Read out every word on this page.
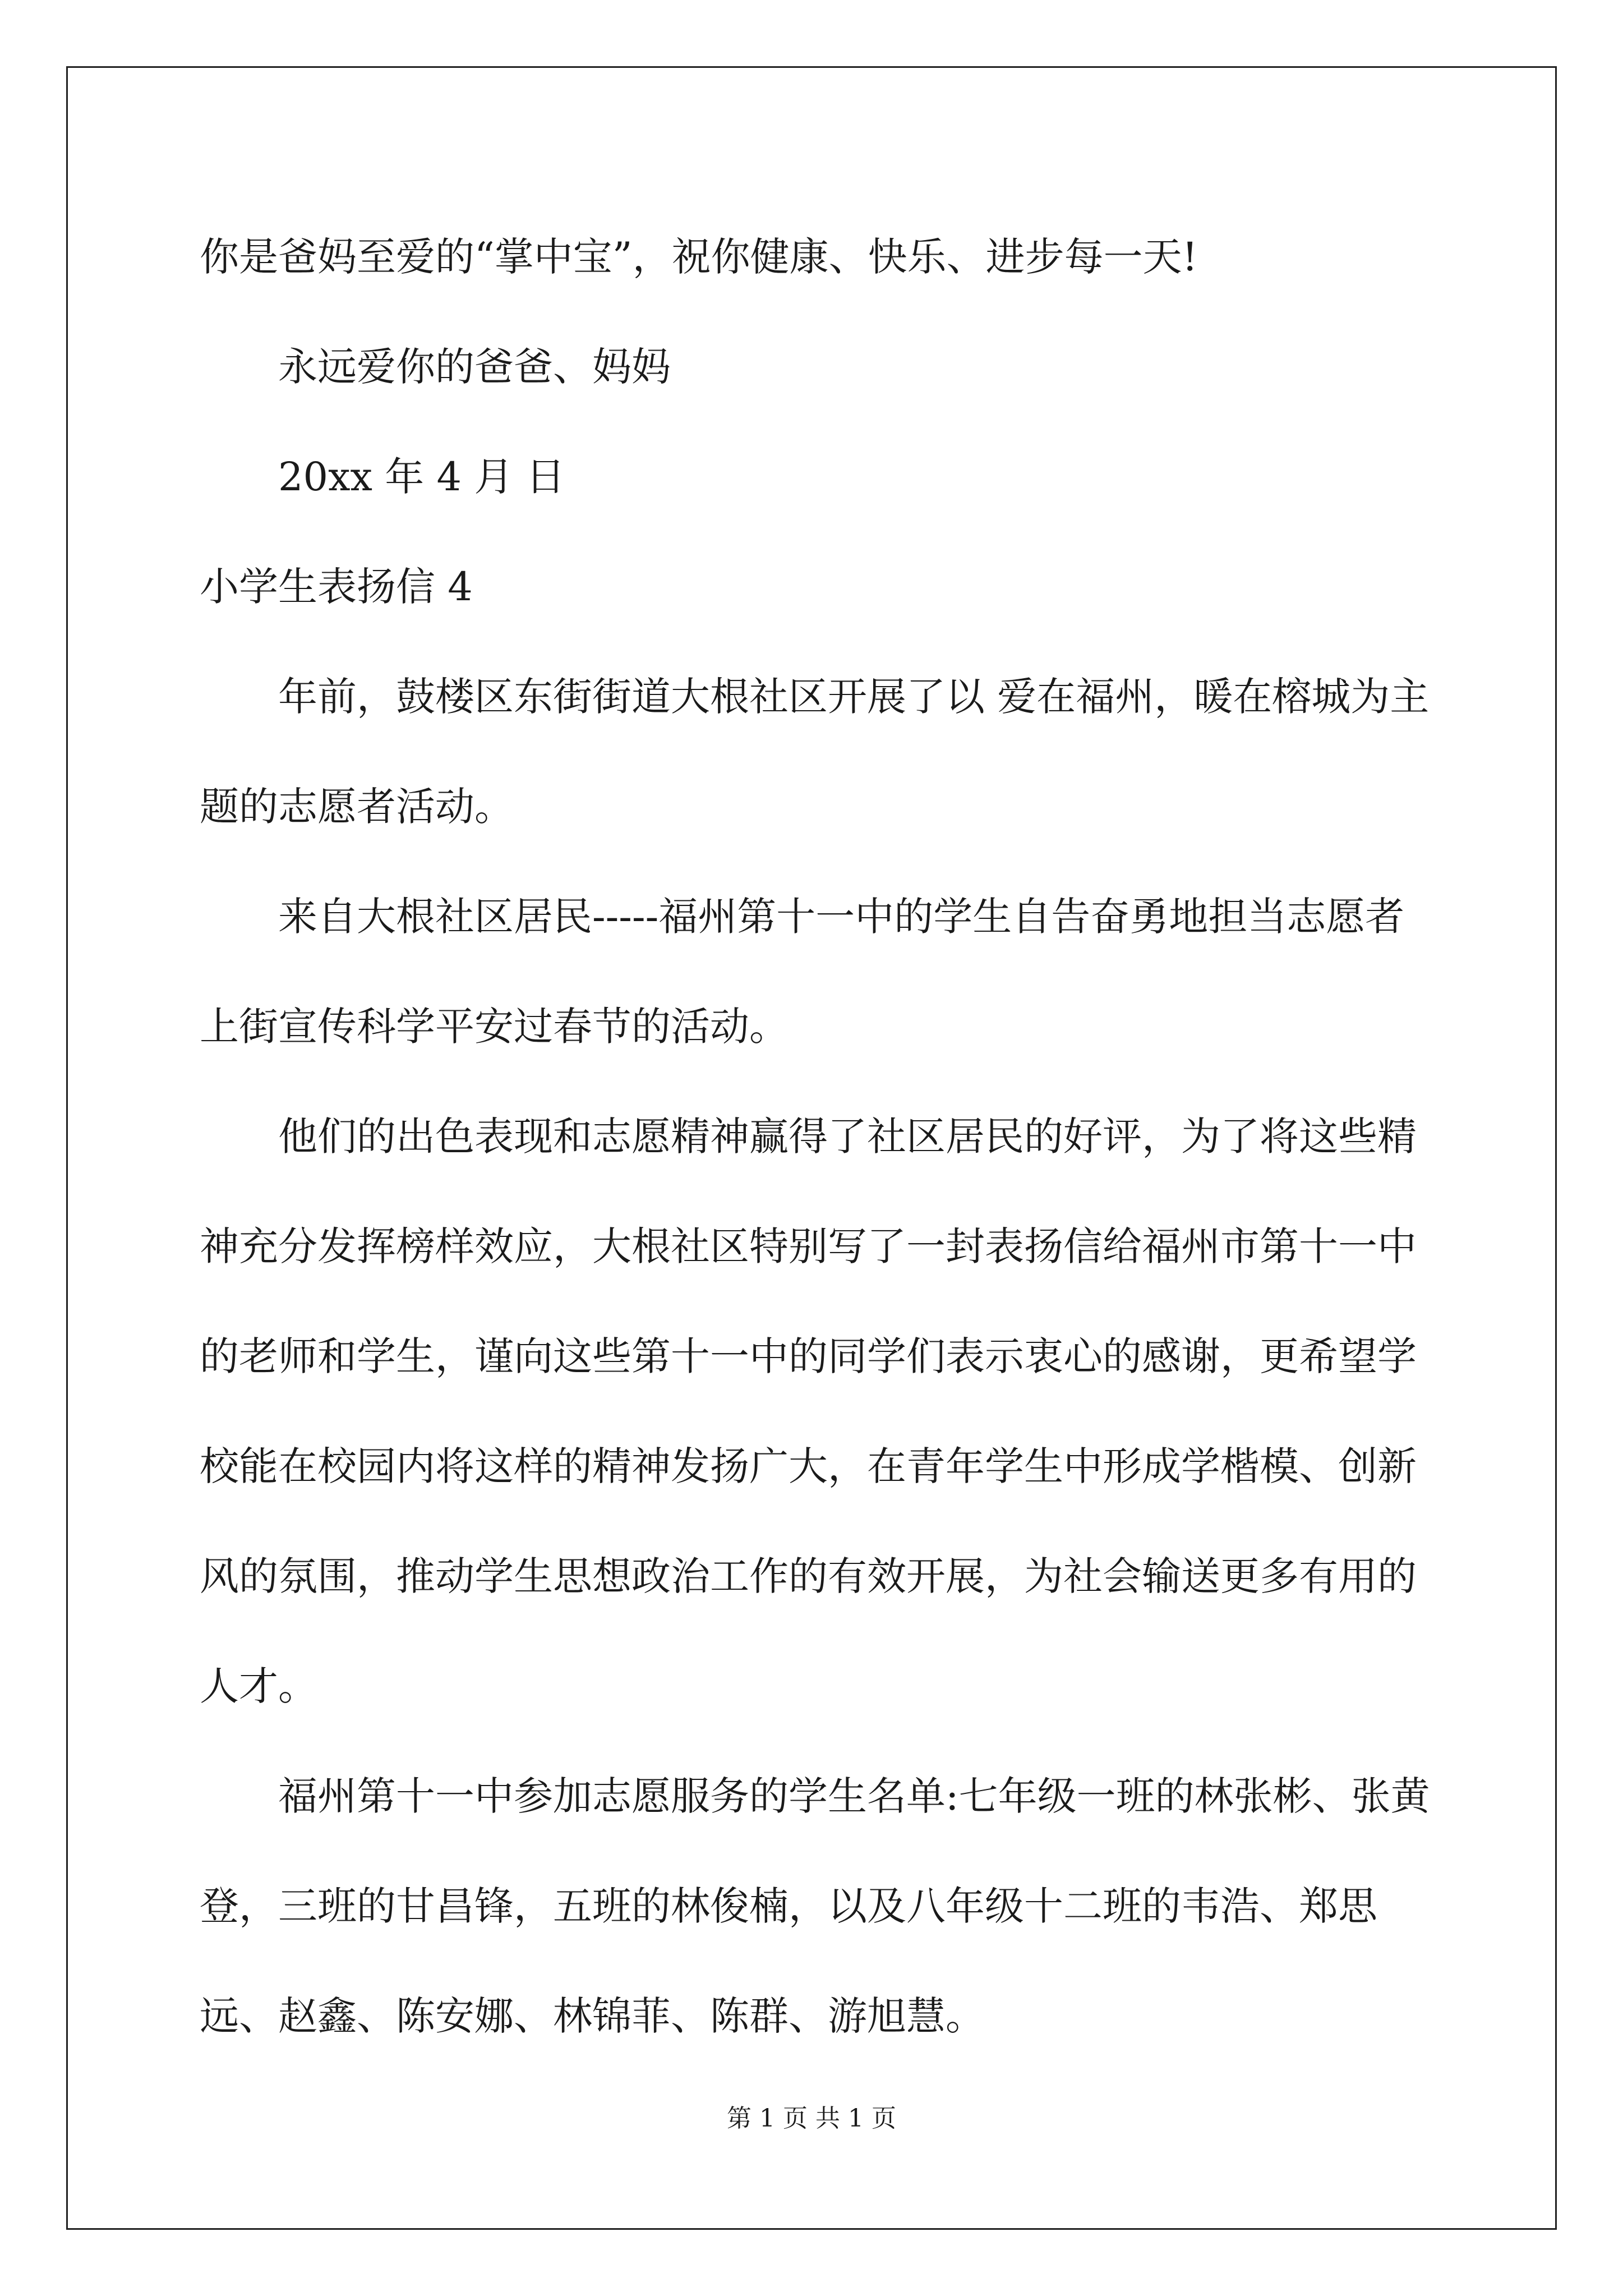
你是爸妈至爱的“掌中宝”，祝你健康、快乐、进步每一天!

永远爱你的爸爸、妈妈

20xx 年 4 月 日

小学生表扬信 4

年前，鼓楼区东街街道大根社区开展了以 爱在福州，暖在榕城为主题的志愿者活动。

来自大根社区居民-----福州第十一中的学生自告奋勇地担当志愿者上街宣传科学平安过春节的活动。

他们的出色表现和志愿精神赢得了社区居民的好评，为了将这些精神充分发挥榜样效应，大根社区特别写了一封表扬信给福州市第十一中的老师和学生，谨向这些第十一中的同学们表示衷心的感谢，更希望学校能在校园内将这样的精神发扬广大，在青年学生中形成学楷模、创新风的氛围，推动学生思想政治工作的有效开展，为社会输送更多有用的人才。

福州第十一中参加志愿服务的学生名单:七年级一班的林张彬、张黄登，三班的甘昌锋，五班的林俊楠，以及八年级十二班的韦浩、郑思远、赵鑫、陈安娜、林锦菲、陈群、游旭慧。

第 1 页 共 1 页
